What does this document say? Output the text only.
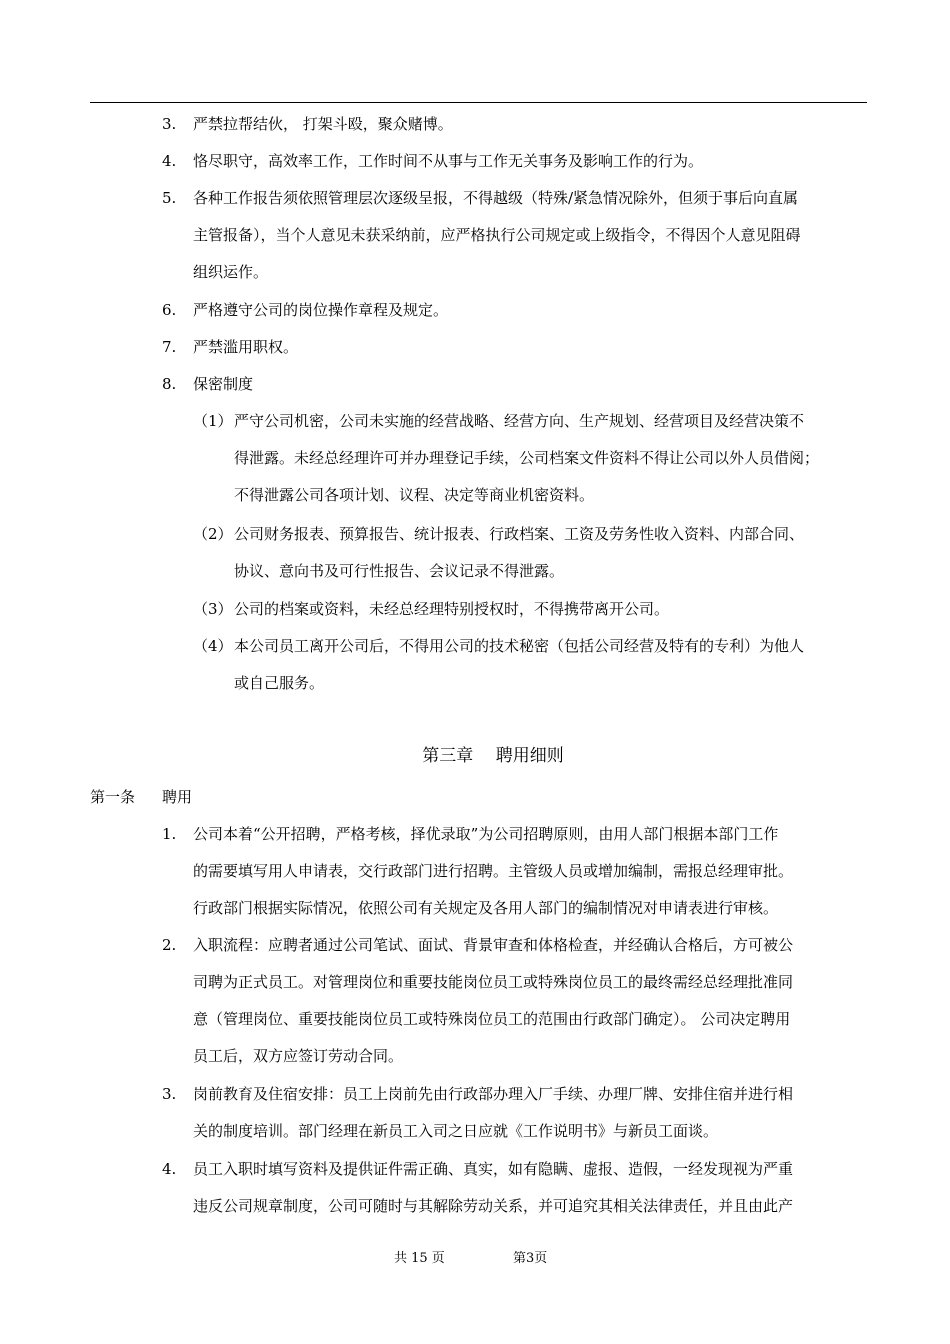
3. 严禁拉帮结伙， 打架斗殴，聚众赌博。
4. 恪尽职守，高效率工作，工作时间不从事与工作无关事务及影响工作的行为。
5. 各种工作报告须依照管理层次逐级呈报，不得越级（特殊/紧急情况除外，但须于事后向直属
主管报备），当个人意见未获采纳前，应严格执行公司规定或上级指令，不得因个人意见阻碍
组织运作。
6. 严格遵守公司的岗位操作章程及规定。
7. 严禁滥用职权。
8. 保密制度
（1） 严守公司机密，公司未实施的经营战略、经营方向、生产规划、经营项目及经营决策不
得泄露。未经总经理许可并办理登记手续，公司档案文件资料不得让公司以外人员借阅；
不得泄露公司各项计划、议程、决定等商业机密资料。
（2） 公司财务报表、预算报告、统计报表、行政档案、工资及劳务性收入资料、内部合同、
协议、意向书及可行性报告、会议记录不得泄露。
（3） 公司的档案或资料，未经总经理特别授权时，不得携带离开公司。
（4） 本公司员工离开公司后，不得用公司的技术秘密（包括公司经营及特有的专利）为他人
或自己服务。
第三章　 聘用细则
第一条 聘用
1. 公司本着“公开招聘，严格考核，择优录取”为公司招聘原则，由用人部门根据本部门工作
的需要填写用人申请表，交行政部门进行招聘。主管级人员或增加编制，需报总经理审批。
行政部门根据实际情况，依照公司有关规定及各用人部门的编制情况对申请表进行审核。
2. 入职流程：应聘者通过公司笔试、面试、背景审查和体格检查，并经确认合格后，方可被公
司聘为正式员工。对管理岗位和重要技能岗位员工或特殊岗位员工的最终需经总经理批准同
意（管理岗位、重要技能岗位员工或特殊岗位员工的范围由行政部门确定）。 公司决定聘用
员工后，双方应签订劳动合同。
3. 岗前教育及住宿安排：员工上岗前先由行政部办理入厂手续、办理厂牌、安排住宿并进行相
关的制度培训。部门经理在新员工入司之日应就《工作说明书》与新员工面谈。
4. 员工入职时填写资料及提供证件需正确、真实，如有隐瞒、虚报、造假，一经发现视为严重
违反公司规章制度，公司可随时与其解除劳动关系，并可追究其相关法律责任，并且由此产
共 15 页	第3页
